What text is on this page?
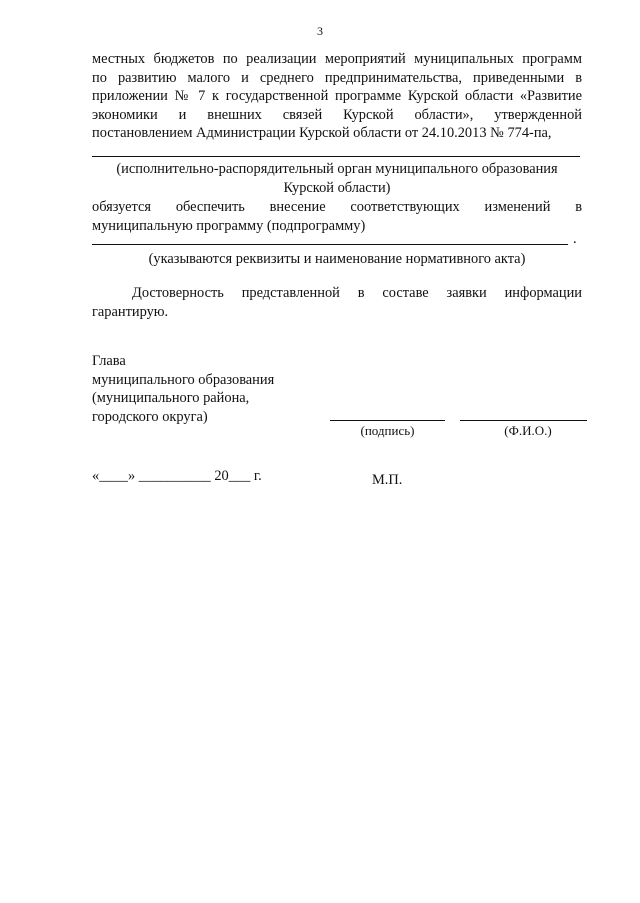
3
местных бюджетов по реализации мероприятий муниципальных программ
по развитию малого и среднего предпринимательства, приведенными в
приложении № 7 к государственной программе Курской области «Развитие
экономики и внешних связей Курской области», утвержденной
постановлением Администрации Курской области от 24.10.2013 № 774-па,
(исполнительно-распорядительный орган муниципального образования
Курской области)
обязуется обеспечить внесение соответствующих изменений в
муниципальную программу (подпрограмму)
.
(указываются реквизиты и наименование нормативного акта)
Достоверность представленной в составе заявки информации
гарантирую.
Глава
муниципального образования
(муниципального района,
городского округа)
(подпись)	(Ф.И.О.)
«____» __________ 20___ г.	М.П.
